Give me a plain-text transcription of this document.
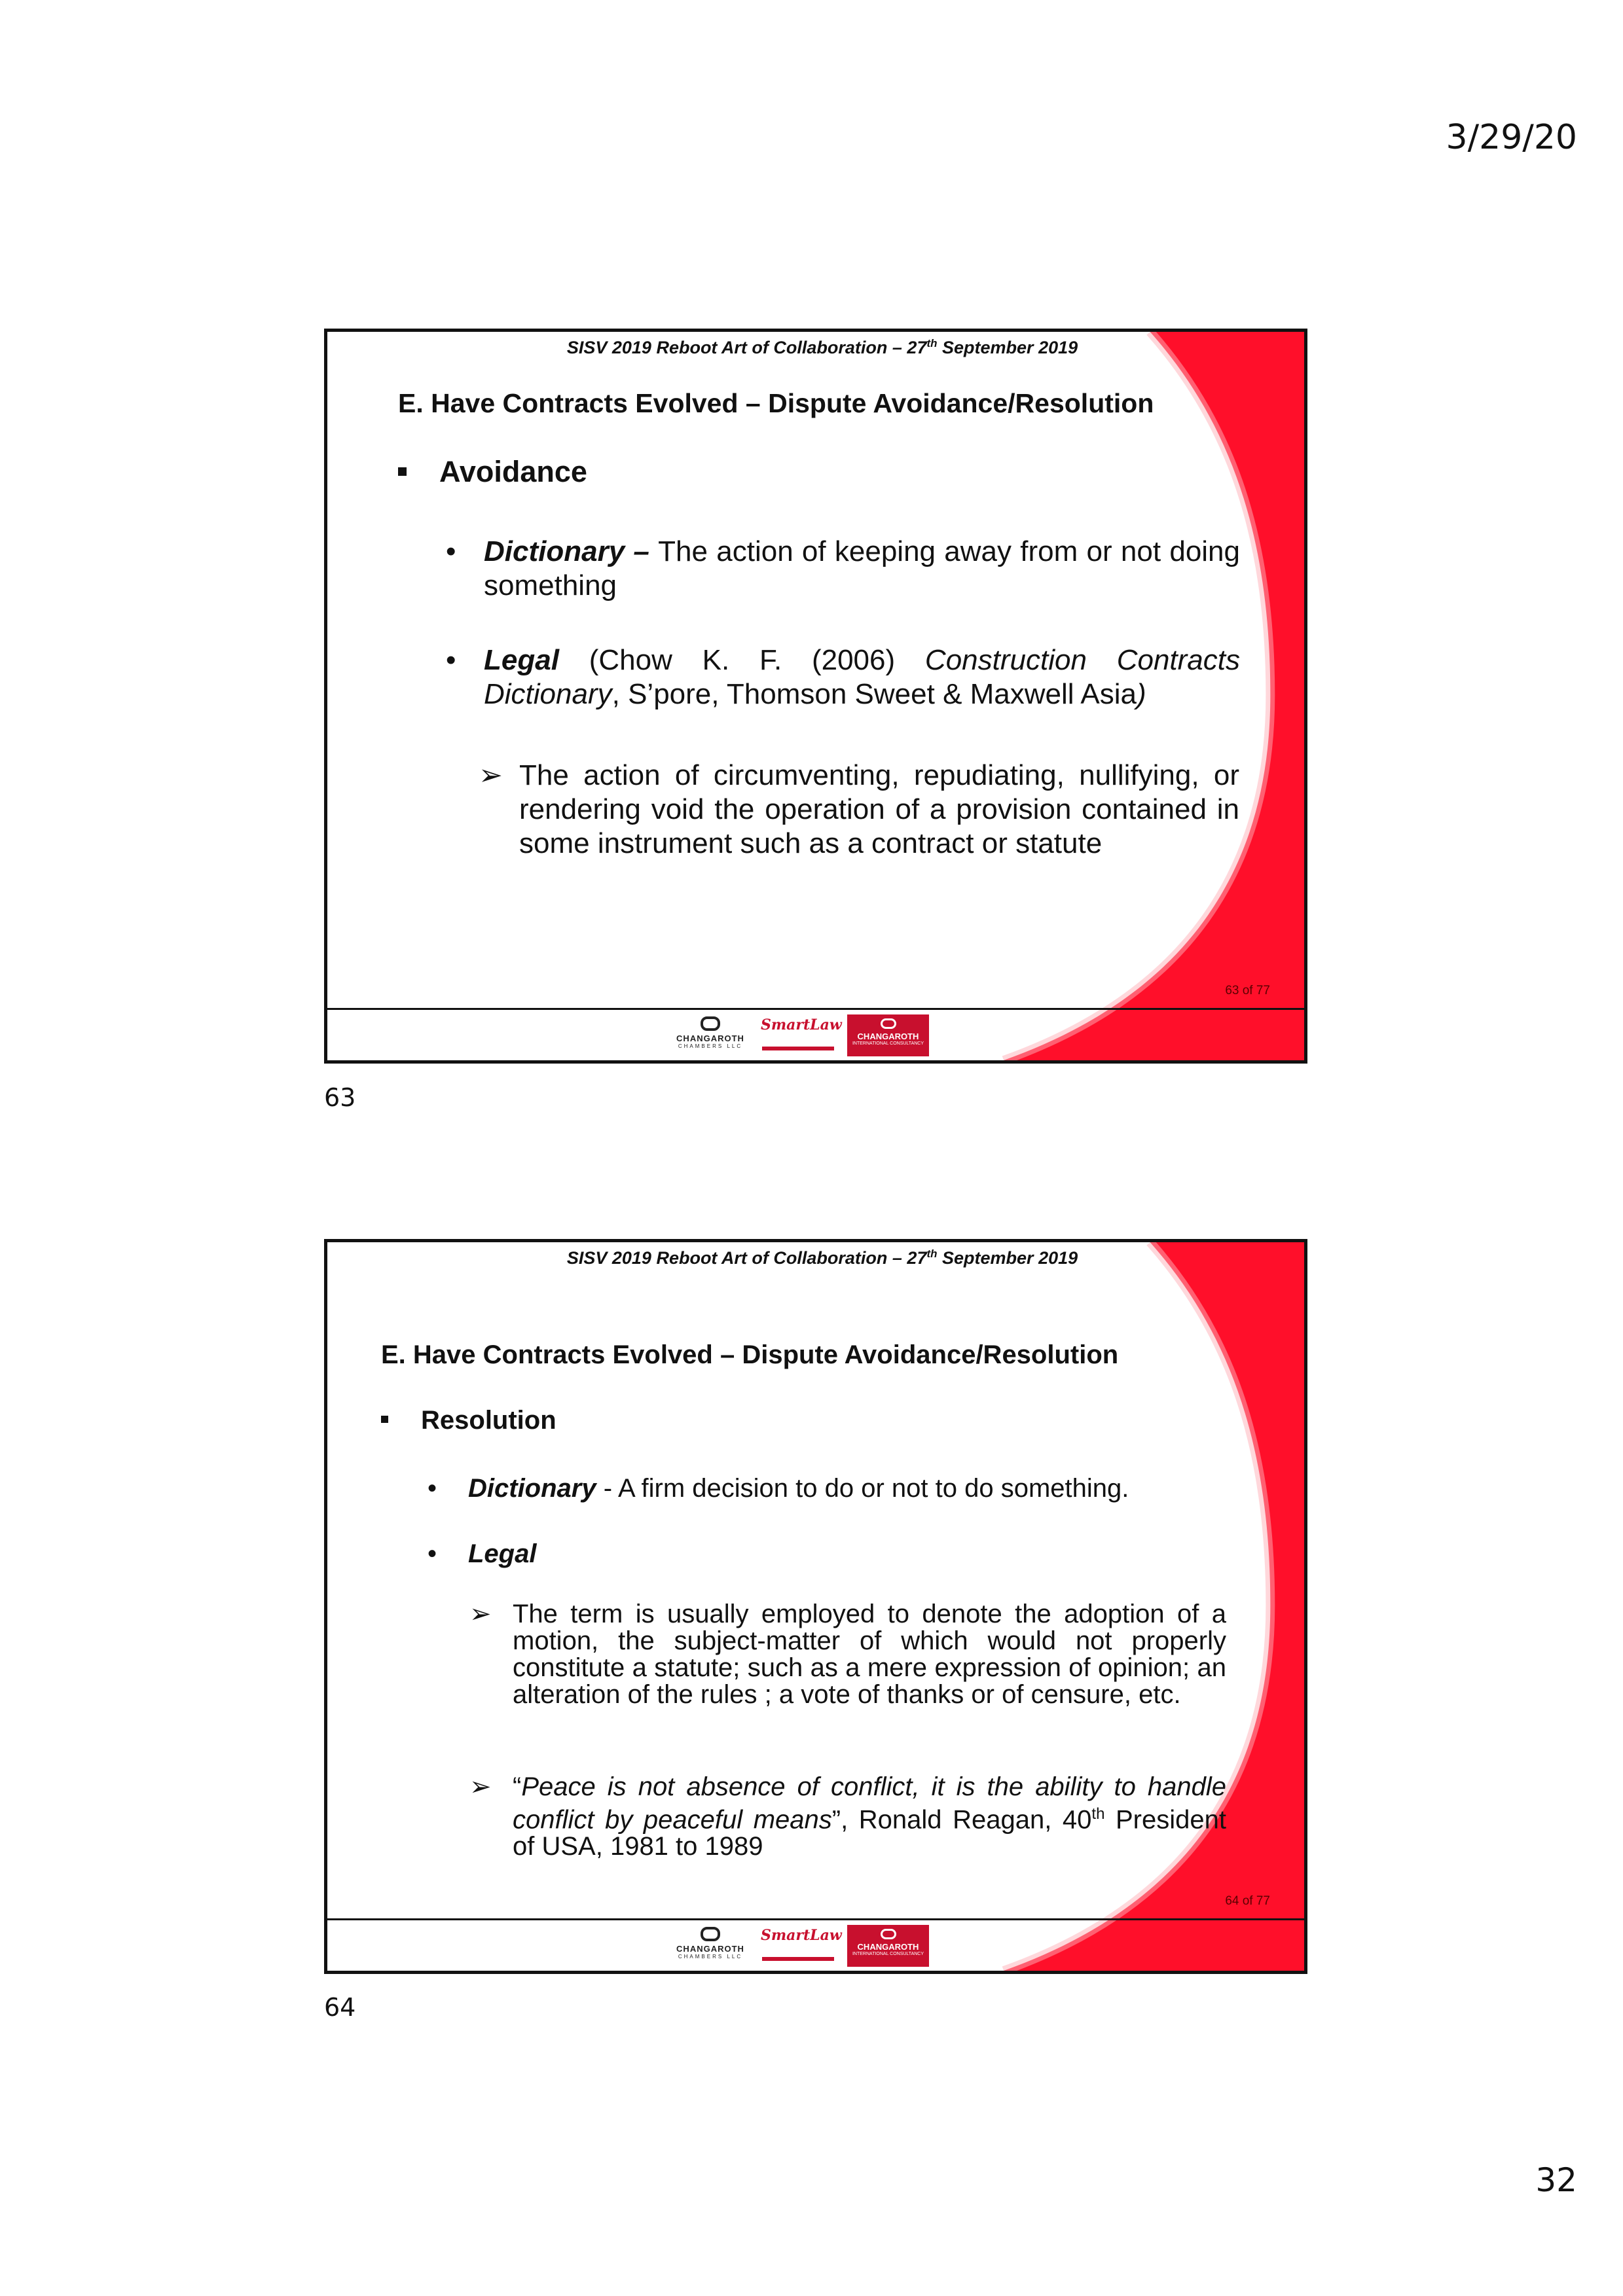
3/29/20
SISV 2019 Reboot Art of Collaboration – 27th September 2019
E. Have Contracts Evolved – Dispute Avoidance/Resolution
Avoidance
• Dictionary – The action of keeping away from or not doing something
• Legal (Chow K. F. (2006) Construction Contracts Dictionary, S’pore, Thomson Sweet & Maxwell Asia)
➢ The action of circumventing, repudiating, nullifying, or rendering void the operation of a provision contained in some instrument such as a contract or statute
63 of 77
CHANGAROTH
CHAMBERS LLC
SmartLaw
CHANGAROTH
INTERNATIONAL CONSULTANCY
63
SISV 2019 Reboot Art of Collaboration – 27th September 2019
E. Have Contracts Evolved – Dispute Avoidance/Resolution
Resolution
• Dictionary - A firm decision to do or not to do something.
• Legal
➢ The term is usually employed to denote the adoption of a motion, the subject-matter of which would not properly constitute a statute; such as a mere expression of opinion; an alteration of the rules ; a vote of thanks or of censure, etc.
➢ “Peace is not absence of conflict, it is the ability to handle conflict by peaceful means”, Ronald Reagan, 40th President of USA, 1981 to 1989
64 of 77
CHANGAROTH
CHAMBERS LLC
SmartLaw
CHANGAROTH
INTERNATIONAL CONSULTANCY
64
32
